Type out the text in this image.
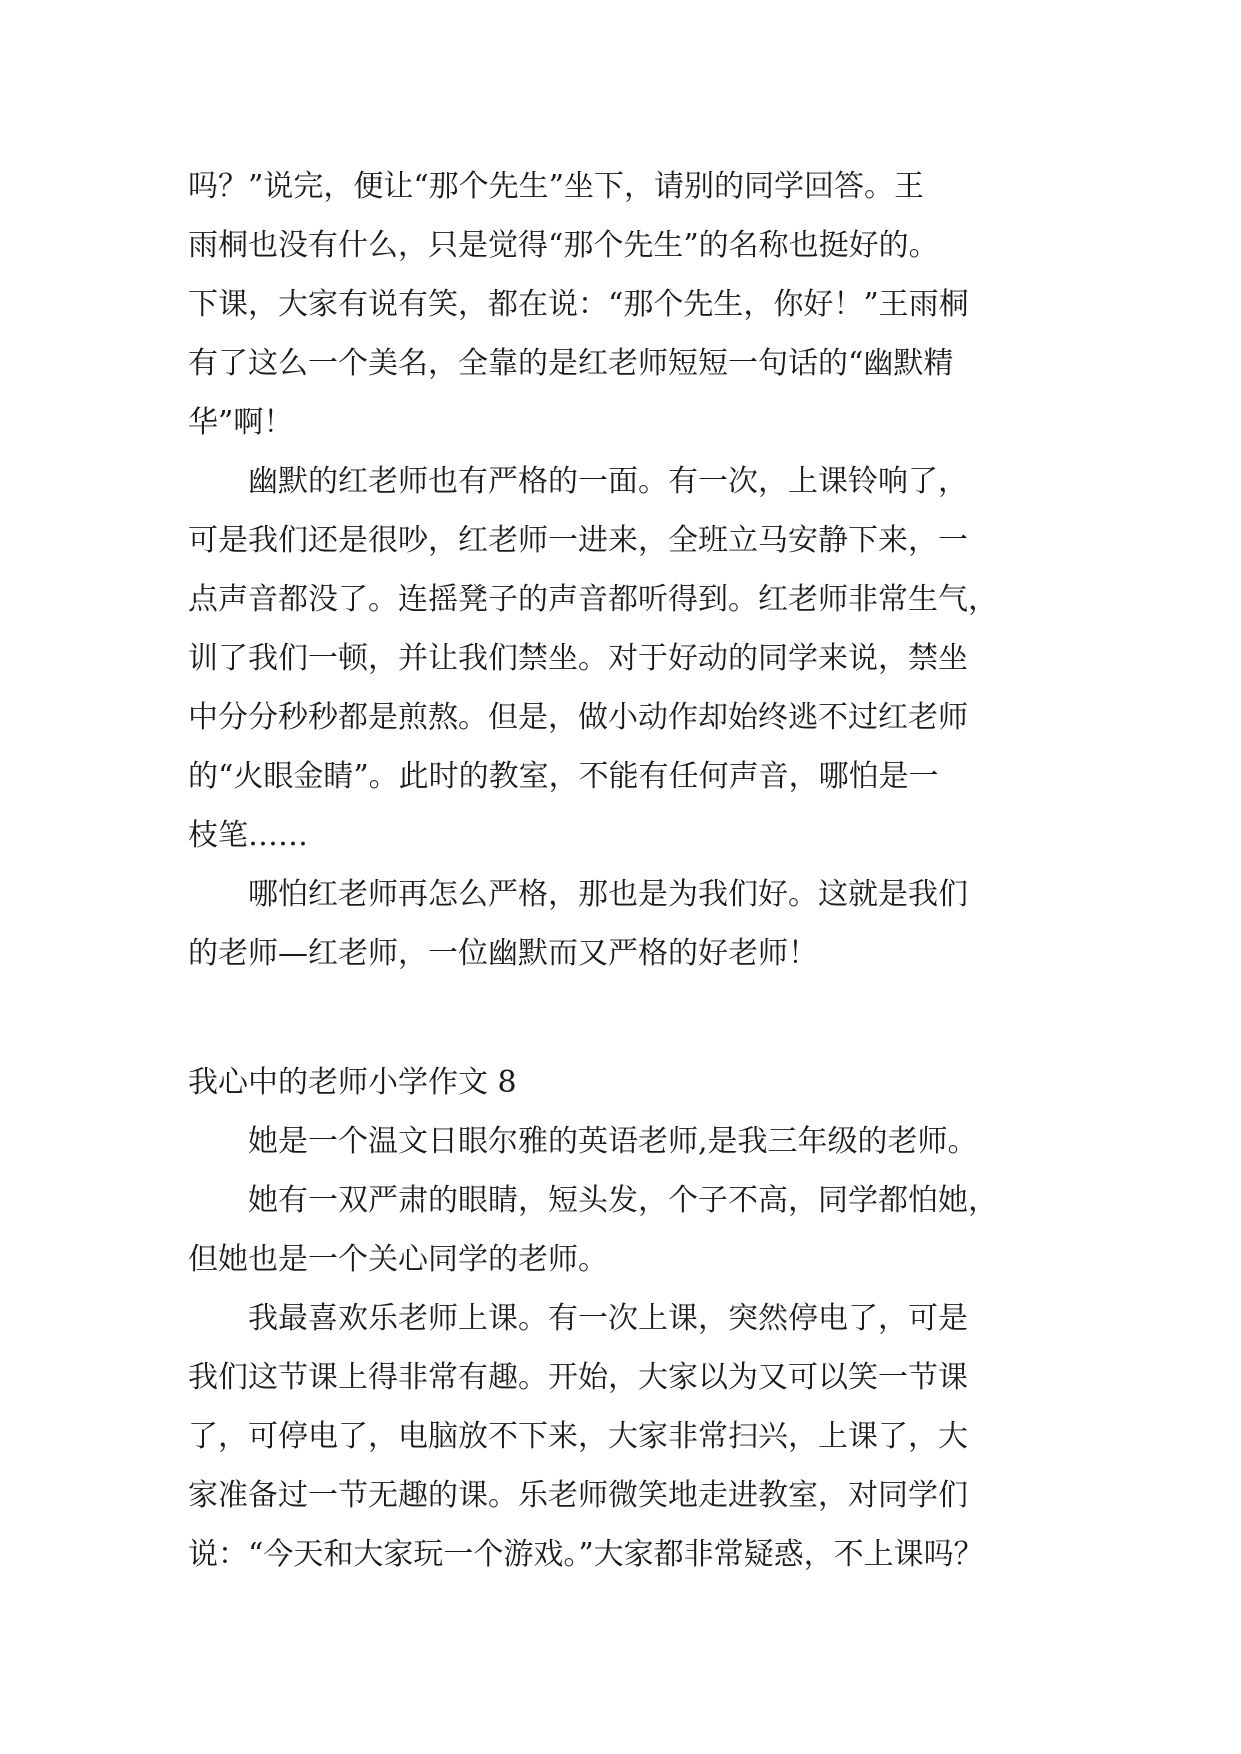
吗？”说完，便让“那个先生”坐下，请别的同学回答。王
雨桐也没有什么，只是觉得“那个先生”的名称也挺好的。
下课，大家有说有笑，都在说：“那个先生，你好！”王雨桐
有了这么一个美名，全靠的是红老师短短一句话的“幽默精
华”啊！
幽默的红老师也有严格的一面。有一次，上课铃响了，
可是我们还是很吵，红老师一进来，全班立马安静下来，一
点声音都没了。连摇凳子的声音都听得到。红老师非常生气，
训了我们一顿，并让我们禁坐。对于好动的同学来说，禁坐
中分分秒秒都是煎熬。但是，做小动作却始终逃不过红老师
的“火眼金睛”。此时的教室，不能有任何声音，哪怕是一
枝笔……
哪怕红老师再怎么严格，那也是为我们好。这就是我们
的老师—红老师，一位幽默而又严格的好老师！
我心中的老师小学作文 8
她是一个温文日眼尔雅的英语老师,是我三年级的老师。
她有一双严肃的眼睛，短头发，个子不高，同学都怕她，
但她也是一个关心同学的老师。
我最喜欢乐老师上课。有一次上课，突然停电了，可是
我们这节课上得非常有趣。开始，大家以为又可以笑一节课
了，可停电了，电脑放不下来，大家非常扫兴，上课了，大
家准备过一节无趣的课。乐老师微笑地走进教室，对同学们
说：“今天和大家玩一个游戏。”大家都非常疑惑，不上课吗？
